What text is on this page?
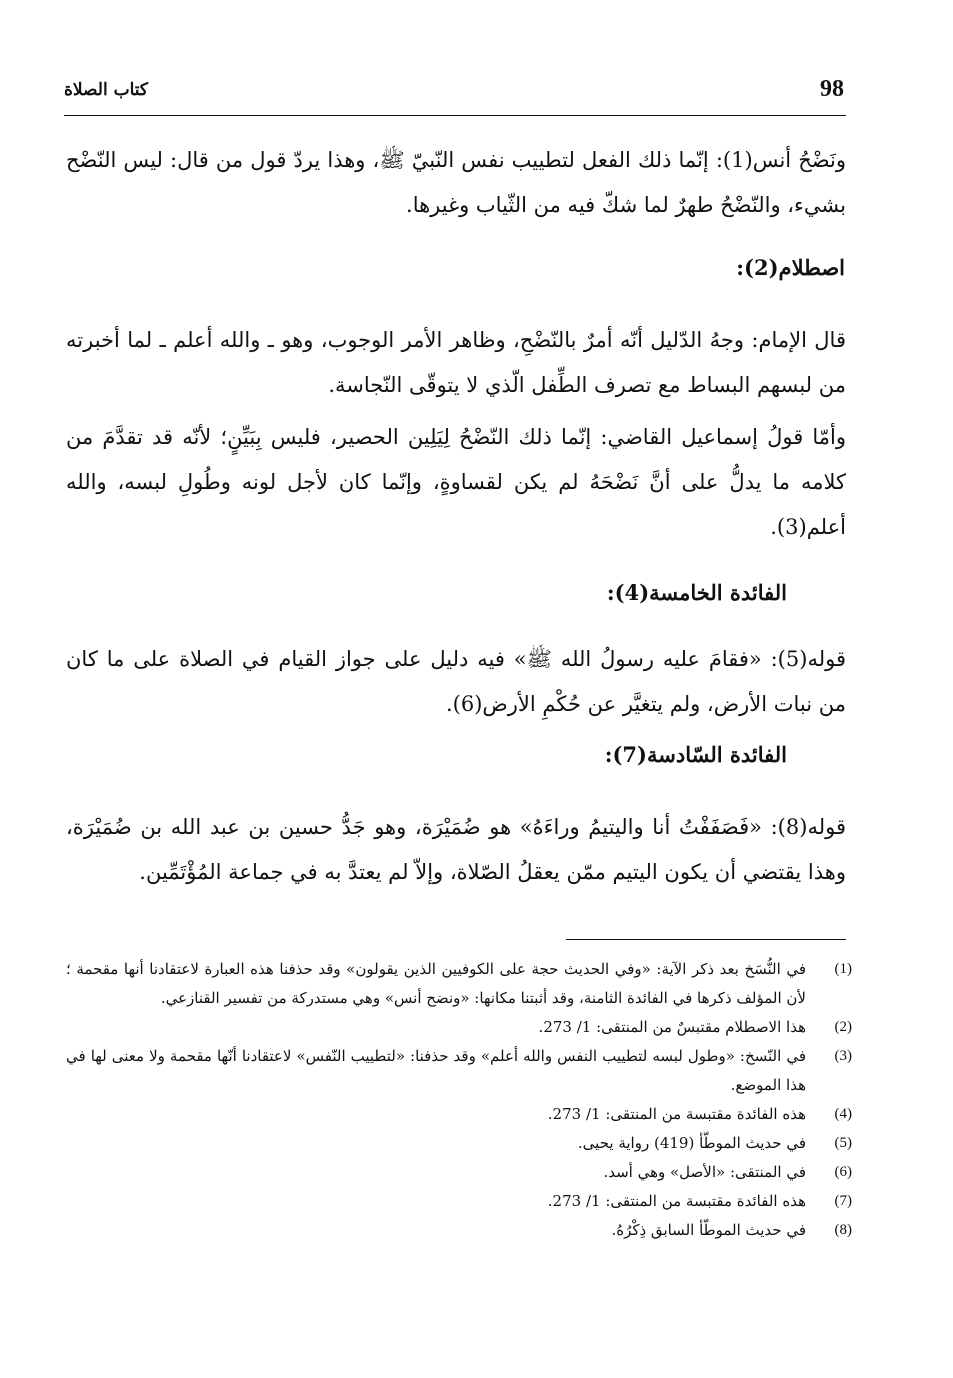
98
كتاب الصلاة

ونَضْحُ أنس(1): إنّما ذلك الفعل لتطييب نفس النّبيّ ﷺ، وهذا يردّ قول من قال: ليس النّضْح بشيء، والنّضْحُ طهرٌ لما شكّ فيه من الثّياب وغيرها.

اصطلام(2):

قال الإمام: وجهُ الدّليل أنّه أمرٌ بالنّضْحِ، وظاهر الأمر الوجوب، وهو ـ والله أعلم ـ لما أخبرته من لبسهم البساط مع تصرف الطِّفل الّذي لا يتوقّى النّجاسة.

وأمّا قولُ إسماعيل القاضي: إنّما ذلك النّضْحُ لِيَلِين الحصير، فليس بِبَيِّنٍ؛ لأنّه قد تقدَّمَ من كلامه ما يدلُّ على أنَّ نَضْحَهُ لم يكن لقساوةٍ، وإنّما كان لأجل لونه وطُولِ لبسه، والله أعلم(3).

الفائدة الخامسة(4):

قوله(5): «فقامَ عليه رسولُ الله ﷺ» فيه دليل على جواز القيام في الصلاة على ما كان من نبات الأرض، ولم يتغيَّر عن حُكْمِ الأرض(6).

الفائدة السّادسة(7):

قوله(8): «فَصَفَفْتُ أنا واليتيمُ وراءَهُ» هو ضُمَيْرَة، وهو جَدُّ حسين بن عبد الله بن ضُمَيْرَة، وهذا يقتضي أن يكون اليتيم ممّن يعقلُ الصّلاة، وإلاّ لم يعتدَّ به في جماعة المُؤْتَمِّين.

(1)
في النُّسَخ بعد ذكر الآية: «وفي الحديث حجة على الكوفيين الذين يقولون» وقد حذفنا هذه العبارة لاعتقادنا أنها مقحمة ؛ لأن المؤلف ذكرها في الفائدة الثامنة، وقد أثبتنا مكانها: «ونضح أنس» وهي مستدركة من تفسير القنازعي.
(2)
هذا الاصطلام مقتبسٌ من المنتقى: 1/ 273.
(3)
في النّسخ: «وطول لبسه لتطييب النفس والله أعلم» وقد حذفنا: «لتطييب النّفس» لاعتقادنا أنّها مقحمة ولا معنى لها في هذا الموضع.
(4)
هذه الفائدة مقتبسة من المنتقى: 1/ 273.
(5)
في حديث الموطّأ (419) رواية يحيى.
(6)
في المنتقى: «الأصل» وهي أسد.
(7)
هذه الفائدة مقتبسة من المنتقى: 1/ 273.
(8)
في حديث الموطّأ السابق ذِكْرُهُ.
